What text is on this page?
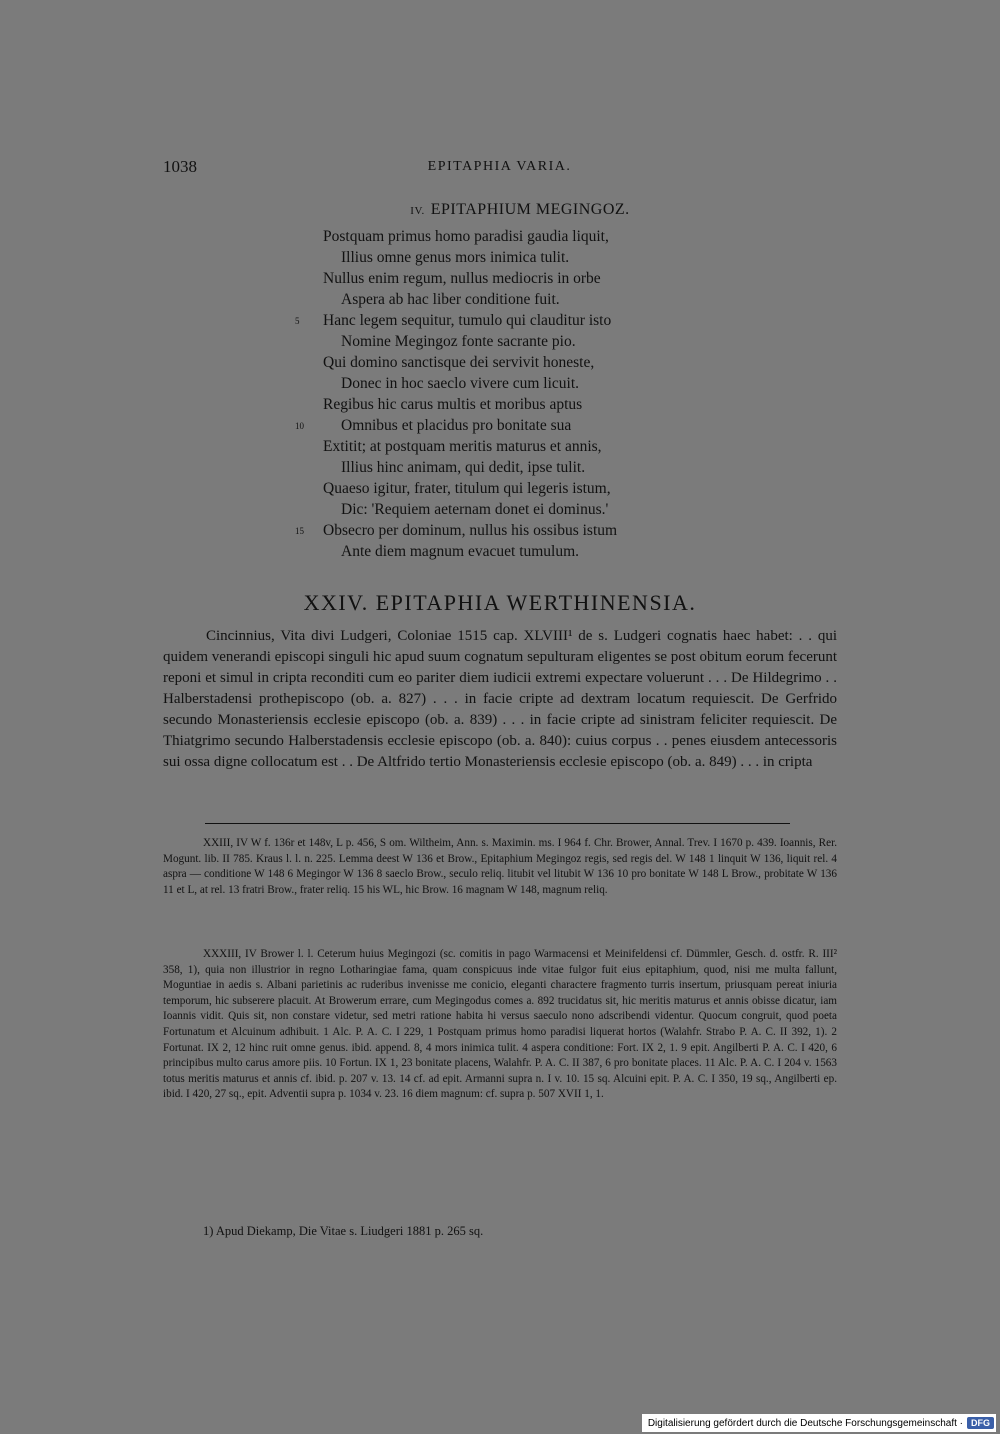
1038	EPITAPHIA VARIA.
IV. EPITAPHIUM MEGINGOZ.
Postquam primus homo paradisi gaudia liquit,
Illius omne genus mors inimica tulit.
Nullus enim regum, nullus mediocris in orbe
Aspera ab hac liber conditione fuit.
5 Hanc legem sequitur, tumulo qui clauditur isto
Nomine Megingoz fonte sacrante pio.
Qui domino sanctisque dei servivit honeste,
Donec in hoc saeclo vivere cum licuit.
Regibus hic carus multis et moribus aptus
10 Omnibus et placidus pro bonitate sua
Extitit; at postquam meritis maturus et annis,
Illius hinc animam, qui dedit, ipse tulit.
Quaeso igitur, frater, titulum qui legeris istum,
Dic: 'Requiem aeternam donet ei dominus.'
15 Obsecro per dominum, nullus his ossibus istum
Ante diem magnum evacuet tumulum.
XXIV. EPITAPHIA WERTHINENSIA.

Cincinnius, Vita divi Ludgeri, Coloniae 1515 cap. XLVIII¹ de s. Ludgeri cognatis haec habet: . . qui quidem venerandi episcopi singuli hic apud suum cognatum sepulturam eligentes se post obitum eorum fecerunt reponi et simul in cripta reconditi cum eo pariter diem iudicii extremi expectare voluerunt . . . De Hildegrimo . . Halberstadensi prothepiscopo (ob. a. 827) . . . in facie cripte ad dextram locatum requiescit. De Gerfrido secundo Monasteriensis ecclesie episcopo (ob. a. 839) . . . in facie cripte ad sinistram feliciter requiescit. De Thiatgrimo secundo Halberstadensis ecclesie episcopo (ob. a. 840): cuius corpus . . penes eiusdem antecessoris sui ossa digne collocatum est . . De Altfrido tertio Monasteriensis ecclesie episcopo (ob. a. 849) . . . in cripta

XXIII, IV W f. 136r et 148v, L p. 456, S om. Wiltheim, Ann. s. Maximin. ms. I 964 f. Chr. Brower, Annal. Trev. I 1670 p. 439. Ioannis, Rer. Mogunt. lib. II 785. Kraus l. l. n. 225. Lemma deest W 136 et Brow., Epitaphium Megingoz regis, sed regis del. W 148 1 linquit W 136, liquit rel. 4 aspra — conditione W 148 6 Megingor W 136 8 saeclo Brow., seculo reliq. litubit vel litubit W 136 10 pro bonitate W 148 L Brow., probitate W 136 11 et L, at rel. 13 fratri Brow., frater reliq. 15 his WL, hic Brow. 16 magnam W 148, magnum reliq.

XXXIII, IV Brower l. l. Ceterum huius Megingozi (sc. comitis in pago Warmacensi et Meinifeldensi cf. Dümmler, Gesch. d. ostfr. R. III² 358, 1), quia non illustrior in regno Lotharingiae fama, quam conspicuus inde vitae fulgor fuit eius epitaphium, quod, nisi me multa fallunt, Moguntiae in aedis s. Albani parietinis ac ruderibus invenisse me conicio, eleganti charactere fragmento turris insertum, priusquam pereat iniuria temporum, hic subserere placuit. At Browerum errare, cum Megingodus comes a. 892 trucidatus sit, hic meritis maturus et annis obisse dicatur, iam Ioannis vidit. Quis sit, non constare videtur, sed metri ratione habita hi versus saeculo nono adscribendi videntur. Quocum congruit, quod poeta Fortunatum et Alcuinum adhibuit. 1 Alc. P. A. C. I 229, 1 Postquam primus homo paradisi liquerat hortos (Walahfr. Strabo P. A. C. II 392, 1). 2 Fortunat. IX 2, 12 hinc ruit omne genus. ibid. append. 8, 4 mors inimica tulit. 4 aspera conditione: Fort. IX 2, 1. 9 epit. Angilberti P. A. C. I 420, 6 principibus multo carus amore piis. 10 Fortun. IX 1, 23 bonitate placens, Walahfr. P. A. C. II 387, 6 pro bonitate places. 11 Alc. P. A. C. I 204 v. 1563 totus meritis maturus et annis cf. ibid. p. 207 v. 13. 14 cf. ad epit. Armanni supra n. I v. 10. 15 sq. Alcuini epit. P. A. C. I 350, 19 sq., Angilberti ep. ibid. I 420, 27 sq., epit. Adventii supra p. 1034 v. 23. 16 diem magnum: cf. supra p. 507 XVII 1, 1.

1) Apud Diekamp, Die Vitae s. Liudgeri 1881 p. 265 sq.
Digitalisierung gefördert durch die Deutsche Forschungsgemeinschaft · DFG
